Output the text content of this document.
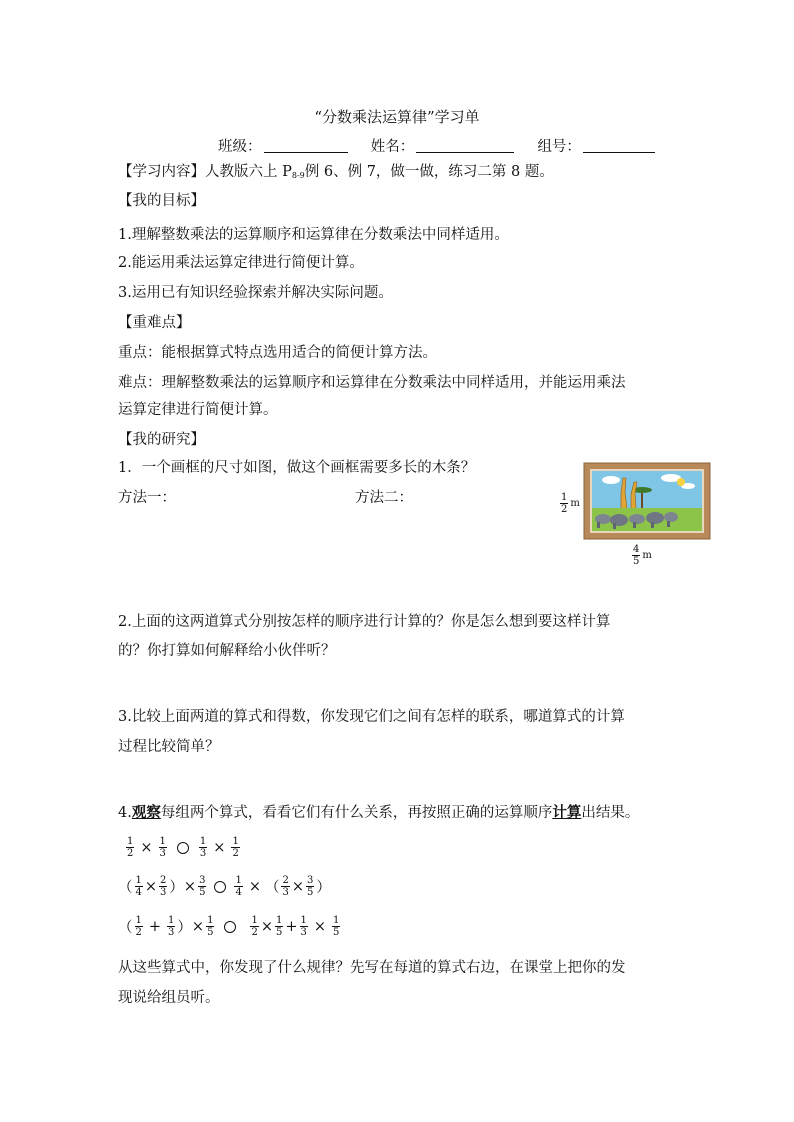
“分数乘法运算律”学习单
班级：	姓名：	组号：
【学习内容】人教版六上 $P_{8-9}$例 6、例 7，做一做，练习二第 8 题。
【我的目标】
1.理解整数乘法的运算顺序和运算律在分数乘法中同样适用。
2.能运用乘法运算定律进行简便计算。
3.运用已有知识经验探索并解决实际问题。
【重难点】
重点：能根据算式特点选用适合的简便计算方法。
难点：理解整数乘法的运算顺序和运算律在分数乘法中同样适用，并能运用乘法
运算定律进行简便计算。
【我的研究】
1．一个画框的尺寸如图，做这个画框需要多长的木条？
方法一：	方法二：	$\frac{1}{2}$ m
$\frac{4}{5}$ m
2.上面的这两道算式分别按怎样的顺序进行计算的？你是怎么想到要这样计算
的？你打算如何解释给小伙伴听？
3.比较上面两道的算式和得数，你发现它们之间有怎样的联系，哪道算式的计算
过程比较简单？
4.观察每组两个算式，看看它们有什么关系，再按照正确的运算顺序计算出结果。
$\frac{1}{2} \times \frac{1}{3}$	$\frac{1}{3} \times \frac{1}{2}$
（ $\frac{1}{4} \times \frac{2}{3}$ ） × $\frac{3}{5}$	$\frac{1}{4}$ × （ $\frac{2}{3} \times \frac{3}{5}$ ）
（ $\frac{1}{2} + \frac{1}{3}$ ） × $\frac{1}{5}$	$\frac{1}{2} \times \frac{1}{5} + \frac{1}{3} \times \frac{1}{5}$
从这些算式中，你发现了什么规律？先写在每道的算式右边，在课堂上把你的发
现说给组员听。
